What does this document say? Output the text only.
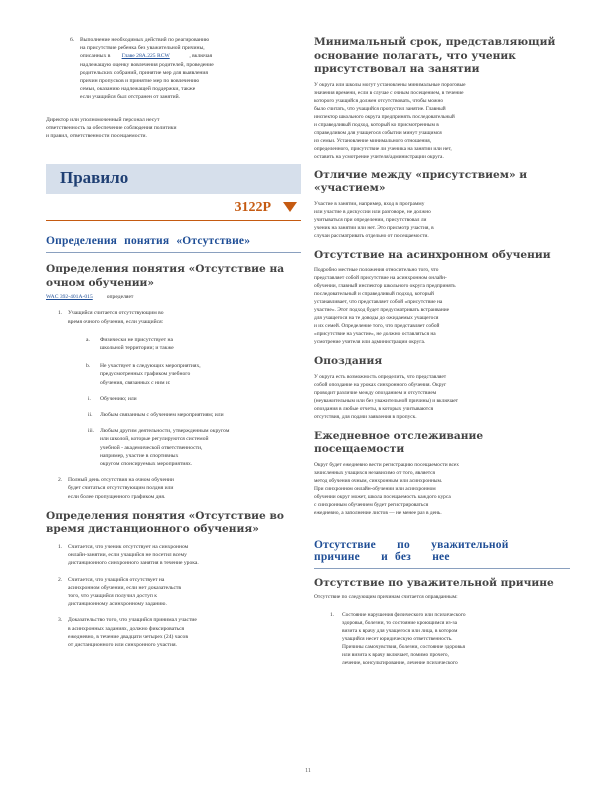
6. Выполнение необходимых действий по реагированию
на присутствие ребенка без уважительной причины,
описанных в Главе 28A.225 RCW	, включая
надлежащую оценку вовлечения родителей, проведение
родительских собраний, принятие мер для выявления
причин пропусков и принятие мер по вовлечению
семьи, оказанию надлежащей поддержки, также
если учащийся был отстранен от занятий.
Директор или уполномоченный персонал несут
ответственность за обеспечение соблюдения политики
и правил, ответственности посещаемости.
Правило
3122P
Определения понятия «Отсутствие»
Определения понятия «Отсутствие на
очном обучении»
WAC 392-401A-015 определяет
1. Учащийся считается отсутствующим во
время очного обучения, если учащийся:
a. Физически не присутствует на
школьной территории; и также
b. Не участвует в следующих мероприятиях,
предусмотренных графиком учебного
обучения, связанных с ним и:
i. Обучению; или
ii. Любым связанным с обучением мероприятиям; или
iii. Любым другим деятельности, утвержденным округом
или школой, которые регулируются системой
учебной - академической ответственности,
например, участие в спортивных
округом спонсируемых мероприятиях.
2. Полный день отсутствия на очном обучении
будет считаться отсутствующим полдня или
если более пропущенного графиком дня.
Определения понятия «Отсутствие во
время дистанционного обучения»
1. Считается, что ученик отсутствует на синхронном
онлайн-занятии, если учащийся не посетил всему
дистанционного синхронного занятия в течение урока.
2. Считается, что учащийся отсутствует на
асинхронном обучении, если нет доказательств
того, что учащийся получил доступ к
дистанционному асинхронному заданию.
3. Доказательство того, что учащийся принимал участие
в асинхронных заданиях, должно фиксироваться
ежедневно, в течение двадцати четырех (24) часов
от дистанционного или синхронного участия.
Минимальный срок, представляющий
основание полагать, что ученик
присутствовал на занятии
У округа или школы могут установлены минимальные пороговые
значения времени, если в случае с очным посещением, в течение
которого учащийся должен отсутствовать, чтобы можно
было считать, что учащийся пропустил занятие. Главный
инспектор школьного округа предпринять последовательный
и справедливый подход, который ко присмотренным в
справедливом для учащегося событии минут учащимся
из семьи. Установление минимального отношения,
определенного, присутствие ли ученика на занятии или нет,
оставить на усмотрение учителя/администрации округа.
Отличие между «присутствием» и
«участием»
Участие в занятии, например, вход в программу
или участие в дискуссии или разговоре, не должно
учитываться при определении, присутствовал ли
ученик на занятии или нет. Это присмотр участия, в
случаи рассматривать отдельно от посещаемости.
Отсутствие на асинхронном обучении
Подробно местные положения относительно того, что
представляет собой присутствие на асинхронном онлайн-
обучении, главный инспектор школьного округа предпринять
последовательный и справедливый подход, который
устанавливает, что представляет собой «присутствие на
участие». Этот подход будет предусматривать встраивание
для учащегося на те доводы до ожидаемых учащегося
и их семей. Определение того, что представляет собой
«присутствие на участие», не должно оставляться на
усмотрение учителя или администрации округа.
Опоздания
У округа есть возможность определить, что представляет
собой опоздание на уроках синхронного обучения. Округ
проводит различие между опозданием и отсутствием
(неуважительным или без уважительной причины) и включает
опоздания в любые отчеты, в которых учитываются
отсутствия, для подачи заявления в пропуск.
Ежедневное отслеживание
посещаемости
Округ будет ежедневно вести регистрацию посещаемости всех
зачисленных учащихся независимо от того, является
метод обучения очным, синхронным или асинхронным.
При синхронном онлайн-обучении или асинхронном
обучении округ может, школа посещаемость каждого курса
с синхронным обучением будет регистрироваться
ежедневно, а заполнение листов — не менее раз в день.
Отсутствие по уважительной     причине и без нее
Отсутствие по уважительной причине
Отсутствие по следующим причинам считается оправданным:
1. Состояние нарушения физического или психического
здоровья, болезни, то состояние кроющимся из-за
визита к врачу для учащегося или лица, в котором
учащийся несет юридическую ответственность.
Причины самочувствия, болезни, состояние здоровья
или визита к врачу включает, помимо прочего,
лечение, консультирование, лечение психического
11
